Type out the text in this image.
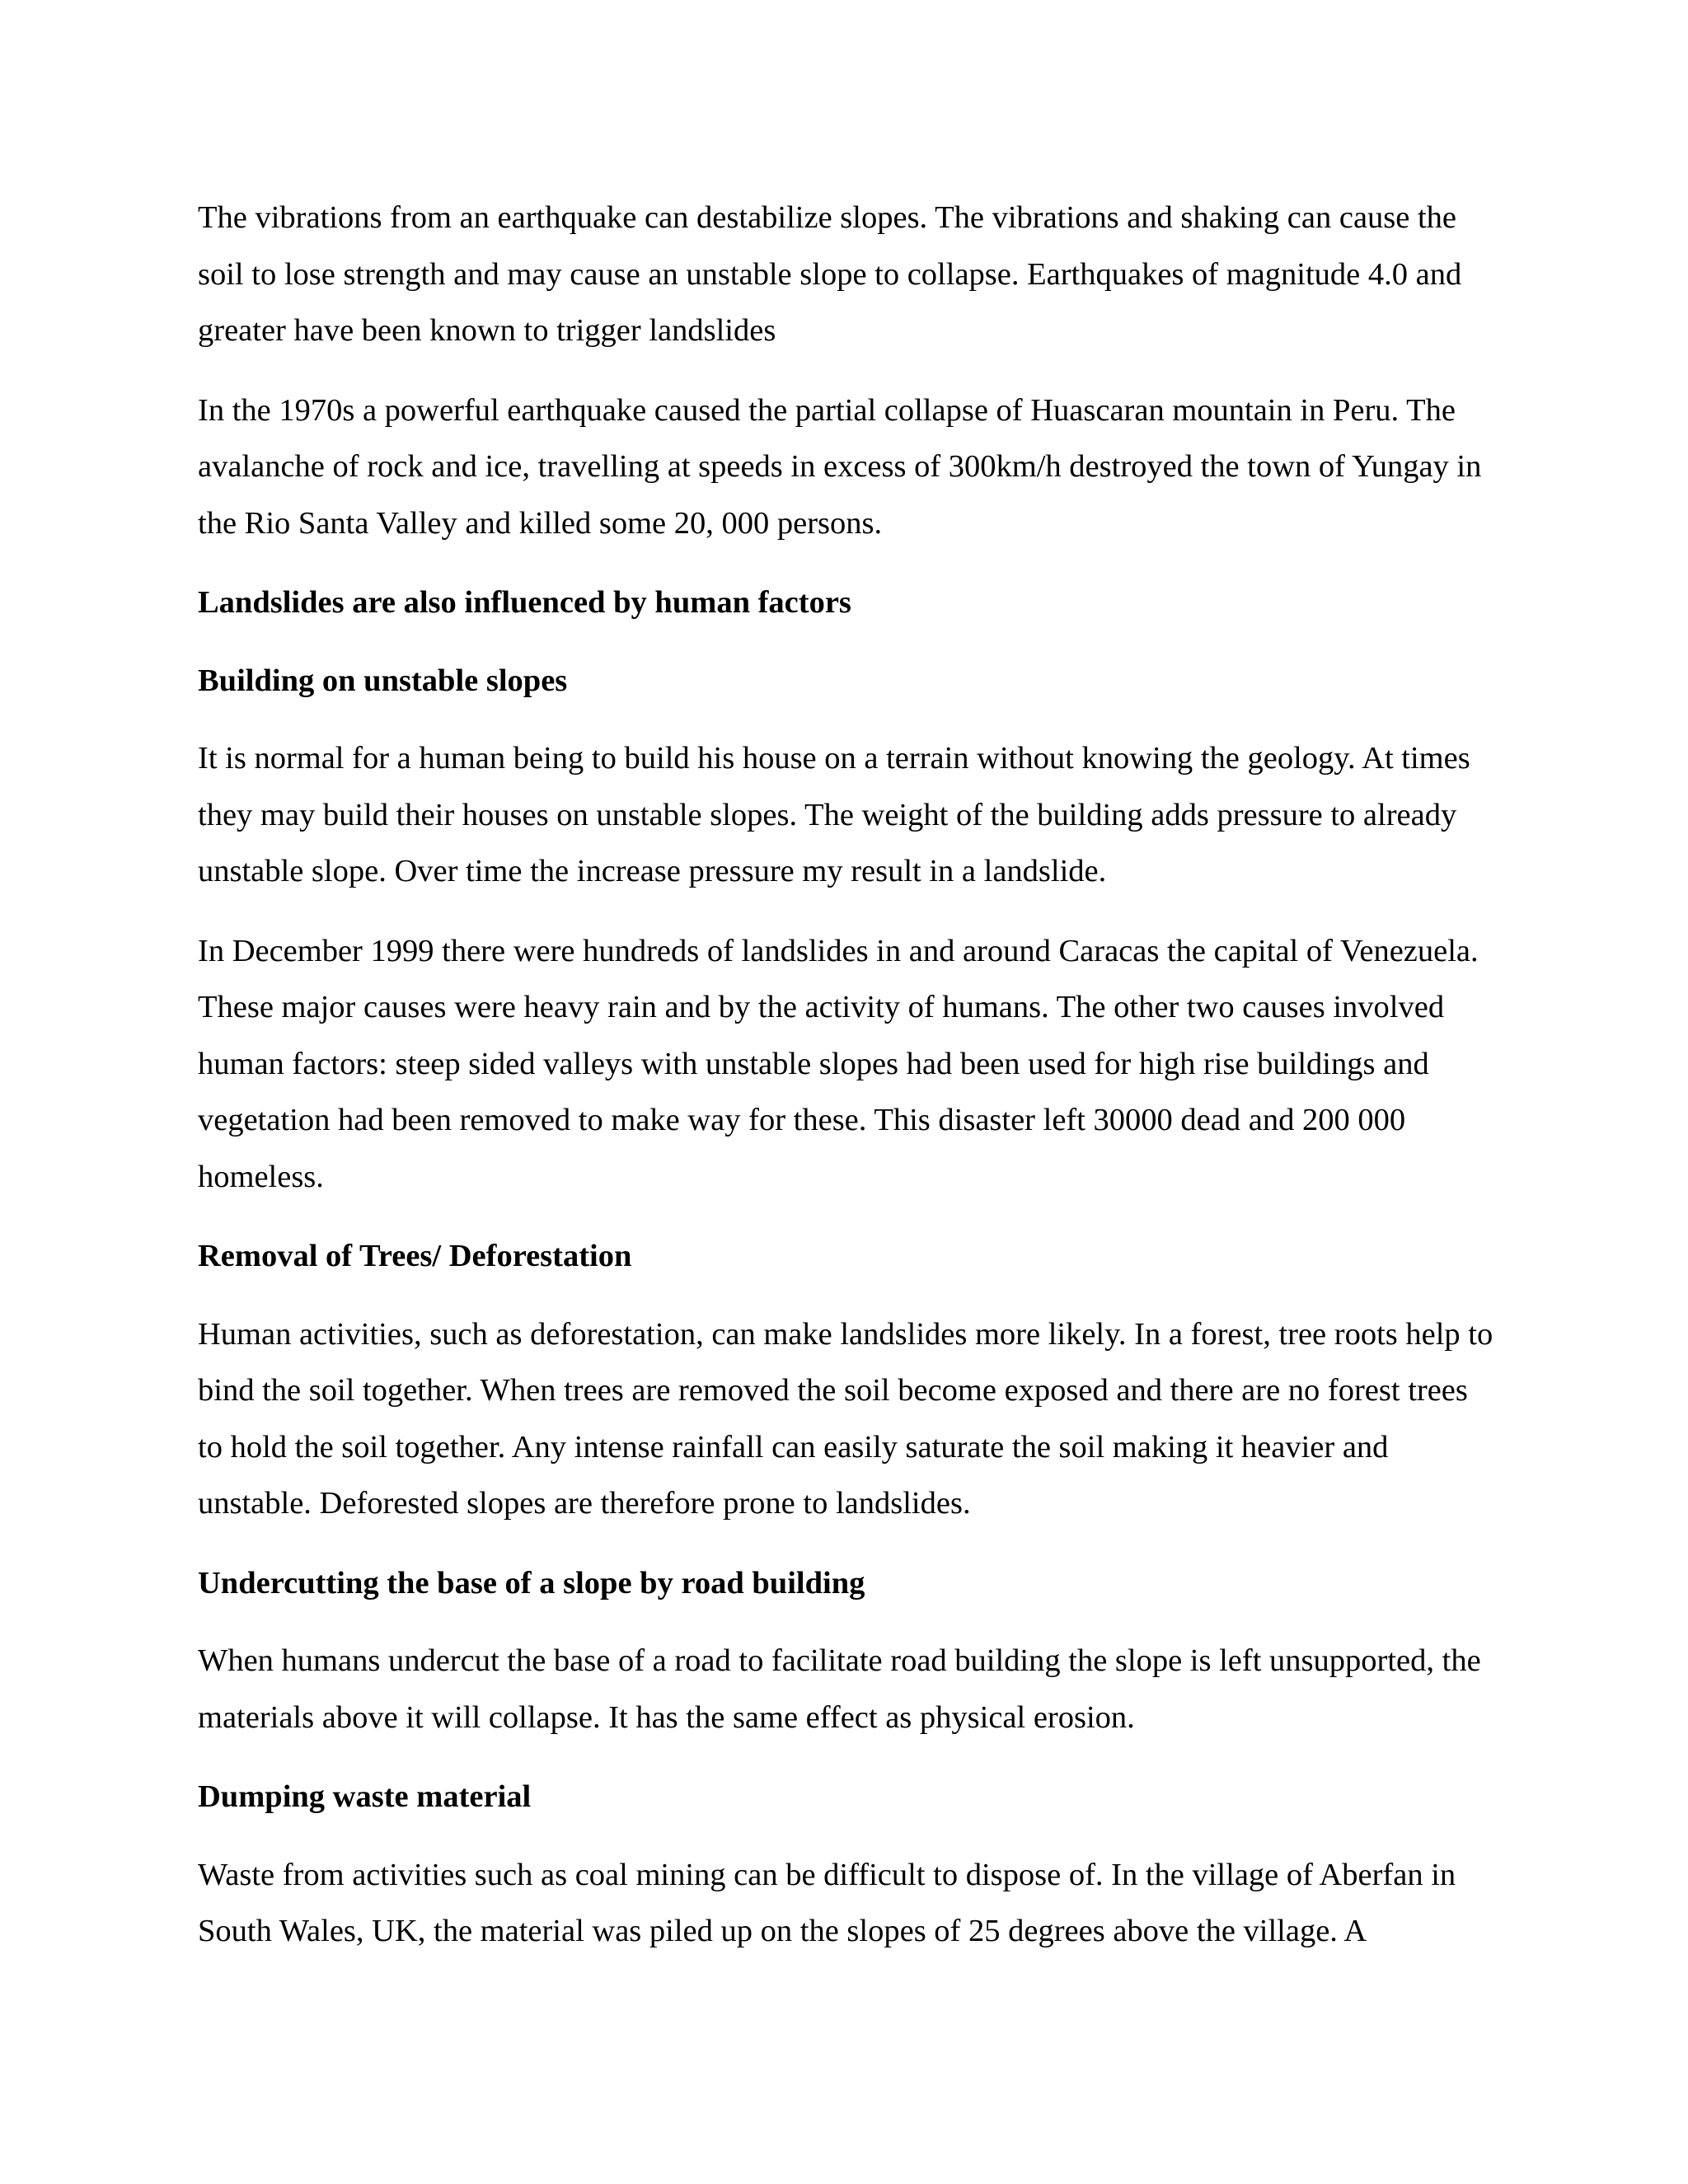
The vibrations from an earthquake can destabilize slopes. The vibrations and shaking can cause the soil to lose strength and may cause an unstable slope to collapse. Earthquakes of magnitude 4.0 and greater have been known to trigger landslides

In the 1970s a powerful earthquake caused the partial collapse of Huascaran mountain in Peru. The avalanche of rock and ice, travelling at speeds in excess of 300km/h destroyed the town of Yungay in the Rio Santa Valley and killed some 20, 000 persons.

Landslides are also influenced by human factors

Building on unstable slopes

It is normal for a human being to build his house on a terrain without knowing the geology. At times they may build their houses on unstable slopes. The weight of the building adds pressure to already unstable slope. Over time the increase pressure my result in a landslide.

In December 1999 there were hundreds of landslides in and around Caracas the capital of Venezuela. These major causes were heavy rain and by the activity of humans. The other two causes involved human factors: steep sided valleys with unstable slopes had been used for high rise buildings and vegetation had been removed to make way for these. This disaster left 30000 dead and 200 000 homeless.

Removal of Trees/ Deforestation

Human activities, such as deforestation, can make landslides more likely. In a forest, tree roots help to bind the soil together. When trees are removed the soil become exposed and there are no forest trees to hold the soil together. Any intense rainfall can easily saturate the soil making it heavier and unstable. Deforested slopes are therefore prone to landslides.

Undercutting the base of a slope by road building

When humans undercut the base of a road to facilitate road building the slope is left unsupported, the materials above it will collapse. It has the same effect as physical erosion.

Dumping waste material

Waste from activities such as coal mining can be difficult to dispose of. In the village of Aberfan in South Wales, UK, the material was piled up on the slopes of 25 degrees above the village. A
